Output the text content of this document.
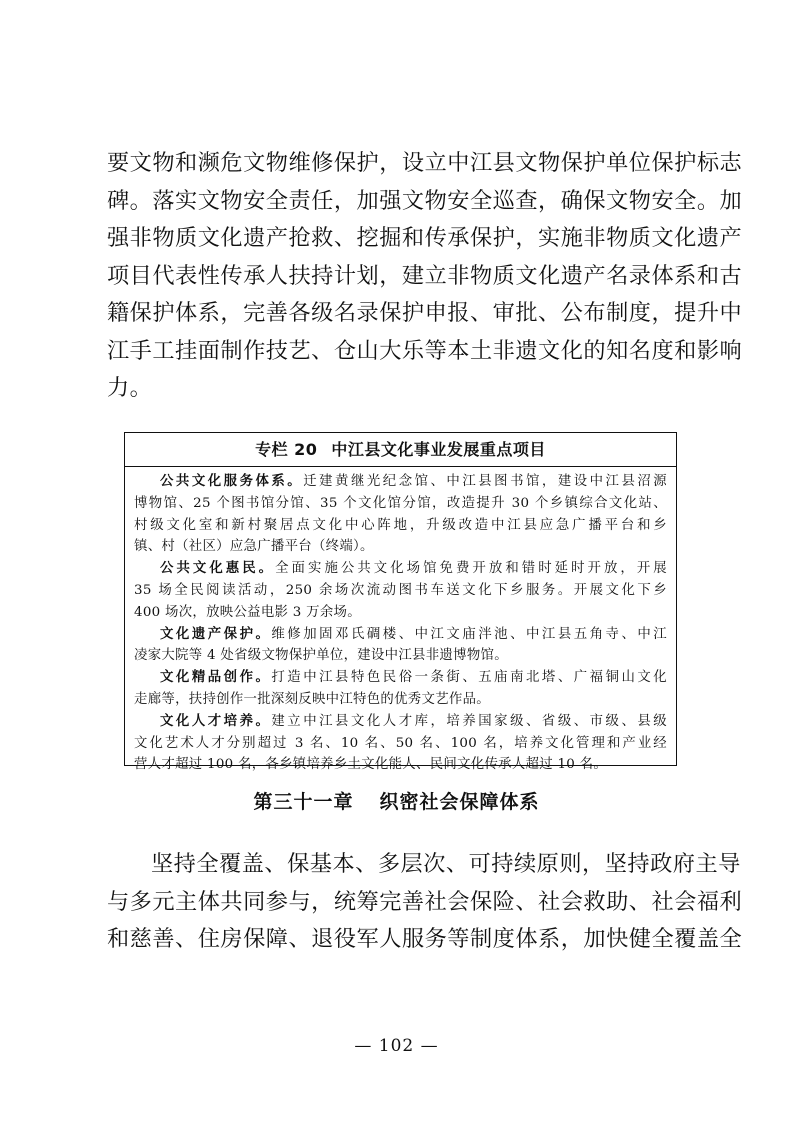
要文物和濒危文物维修保护，设立中江县文物保护单位保护标志
碑。落实文物安全责任，加强文物安全巡查，确保文物安全。加
强非物质文化遗产抢救、挖掘和传承保护，实施非物质文化遗产
项目代表性传承人扶持计划，建立非物质文化遗产名录体系和古
籍保护体系，完善各级名录保护申报、审批、公布制度，提升中
江手工挂面制作技艺、仓山大乐等本土非遗文化的知名度和影响
力。
专栏 20 中江县文化事业发展重点项目
公共文化服务体系。迁建黄继光纪念馆、中江县图书馆，建设中江县沼源
博物馆、25 个图书馆分馆、35 个文化馆分馆，改造提升 30 个乡镇综合文化站、
村级文化室和新村聚居点文化中心阵地，升级改造中江县应急广播平台和乡
镇、村（社区）应急广播平台（终端）。
公共文化惠民。全面实施公共文化场馆免费开放和错时延时开放，开展
35 场全民阅读活动，250 余场次流动图书车送文化下乡服务。开展文化下乡
400 场次，放映公益电影 3 万余场。
文化遗产保护。维修加固邓氏碉楼、中江文庙泮池、中江县五角寺、中江
凌家大院等 4 处省级文物保护单位，建设中江县非遗博物馆。
文化精品创作。打造中江县特色民俗一条街、五庙南北塔、广福铜山文化
走廊等，扶持创作一批深刻反映中江特色的优秀文艺作品。
文化人才培养。建立中江县文化人才库，培养国家级、省级、市级、县级
文化艺术人才分别超过 3 名、10 名、50 名、100 名，培养文化管理和产业经
营人才超过 100 名，各乡镇培养乡土文化能人、民间文化传承人超过 10 名。
第三十一章 织密社会保障体系
坚持全覆盖、保基本、多层次、可持续原则，坚持政府主导
与多元主体共同参与，统筹完善社会保险、社会救助、社会福利
和慈善、住房保障、退役军人服务等制度体系，加快健全覆盖全
— 102 —
